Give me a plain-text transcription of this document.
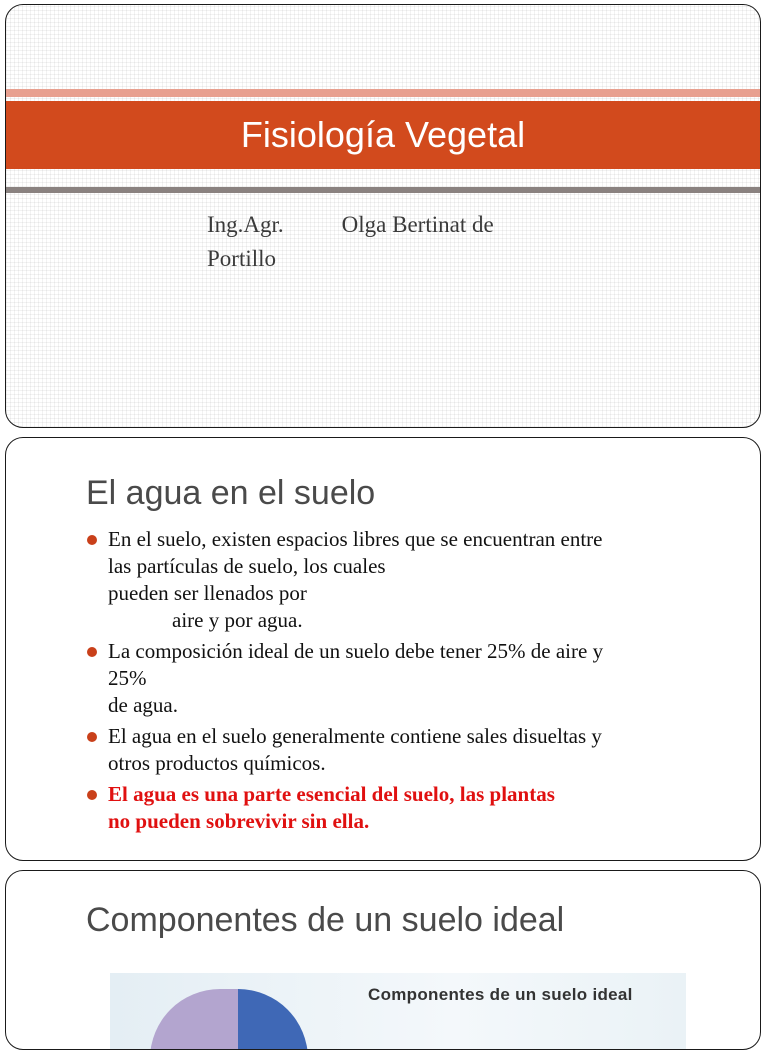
Fisiología Vegetal
Ing.Agr.	Olga Bertinat de
Portillo
El agua en el suelo
En el suelo, existen espacios libres que se encuentran entre
las partículas de suelo, los cuales
pueden ser llenados por
aire y por agua.
La composición ideal de un suelo debe tener 25% de aire y
25%
de agua.
El agua en el suelo generalmente contiene sales disueltas y
otros productos químicos.
El agua es una parte esencial del suelo, las plantas
no pueden sobrevivir sin ella.
Componentes de un suelo ideal
Componentes de un suelo ideal
